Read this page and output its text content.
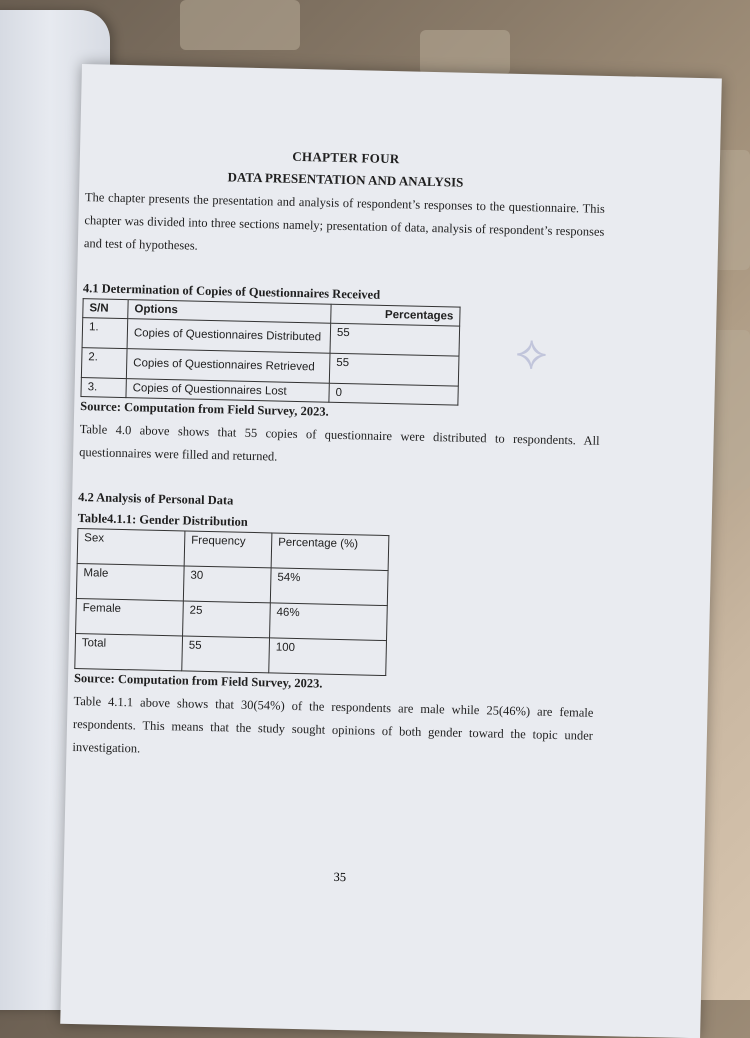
⟡
CHAPTER FOUR
DATA PRESENTATION AND ANALYSIS
The chapter presents the presentation and analysis of respondent’s responses to the questionnaire. This chapter was divided into three sections namely; presentation of data, analysis of respondent’s responses and test of hypotheses.
4.1 Determination of Copies of Questionnaires Received
S/N	Options	Percentages
1.	Copies of Questionnaires Distributed	55
2.	Copies of Questionnaires Retrieved	55
3.	Copies of Questionnaires Lost	0
Source: Computation from Field Survey, 2023.
Table 4.0 above shows that 55 copies of questionnaire were distributed to respondents. All questionnaires were filled and returned.
4.2 Analysis of Personal Data
Table4.1.1: Gender Distribution
Sex	Frequency	Percentage (%)
Male	30	54%
Female	25	46%
Total	55	100
Source: Computation from Field Survey, 2023.
Table 4.1.1 above shows that 30(54%) of the respondents are male while 25(46%) are female respondents. This means that the study sought opinions of both gender toward the topic under investigation.
35
